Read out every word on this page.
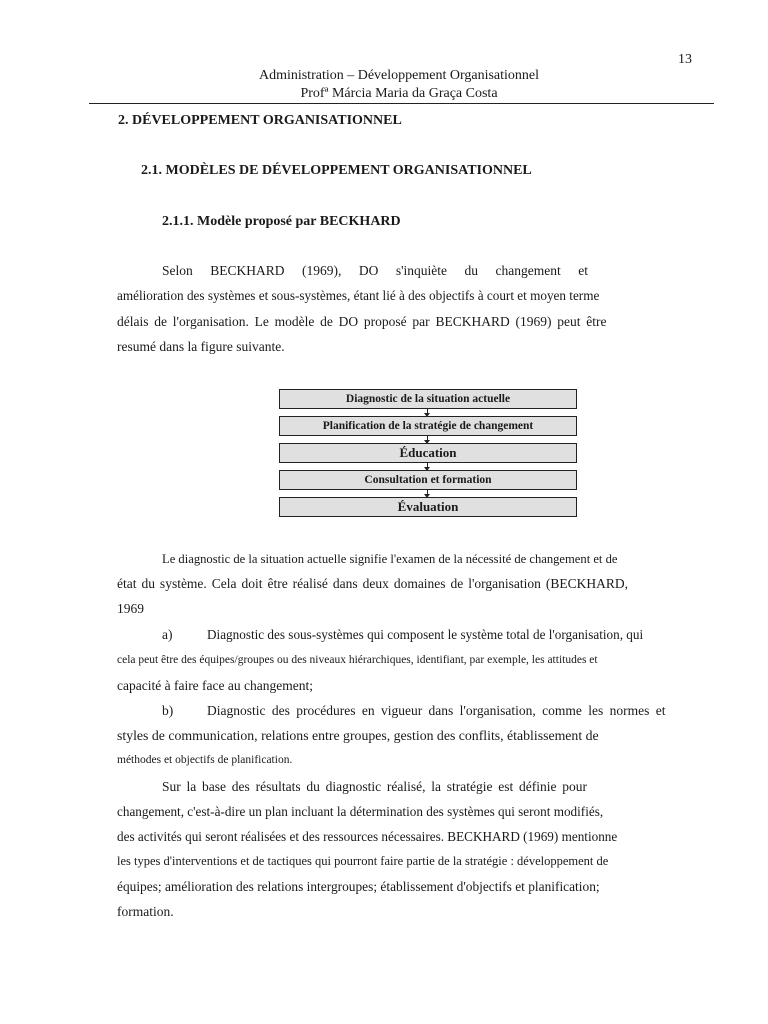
13
Administration – Développement Organisationnel
Profª Márcia Maria da Graça Costa
2. DÉVELOPPEMENT ORGANISATIONNEL
2.1. MODÈLES DE DÉVELOPPEMENT ORGANISATIONNEL
2.1.1. Modèle proposé par BECKHARD
Selon BECKHARD (1969), DO s'inquiète du changement et
amélioration des systèmes et sous-systèmes, étant lié à des objectifs à court et moyen terme
délais de l'organisation. Le modèle de DO proposé par BECKHARD (1969) peut être
resumé dans la figure suivante.
Diagnostic de la situation actuelle
Planification de la stratégie de changement
Éducation
Consultation et formation
Évaluation
Le diagnostic de la situation actuelle signifie l'examen de la nécessité de changement et de
état du système. Cela doit être réalisé dans deux domaines de l'organisation (BECKHARD,
1969
a)	Diagnostic des sous-systèmes qui composent le système total de l'organisation, qui
cela peut être des équipes/groupes ou des niveaux hiérarchiques, identifiant, par exemple, les attitudes et
capacité à faire face au changement;
b)	Diagnostic des procédures en vigueur dans l'organisation, comme les normes et
styles de communication, relations entre groupes, gestion des conflits, établissement de
méthodes et objectifs de planification.
Sur la base des résultats du diagnostic réalisé, la stratégie est définie pour
changement, c'est-à-dire un plan incluant la détermination des systèmes qui seront modifiés,
des activités qui seront réalisées et des ressources nécessaires. BECKHARD (1969) mentionne
les types d'interventions et de tactiques qui pourront faire partie de la stratégie : développement de
équipes; amélioration des relations intergroupes; établissement d'objectifs et planification;
formation.
